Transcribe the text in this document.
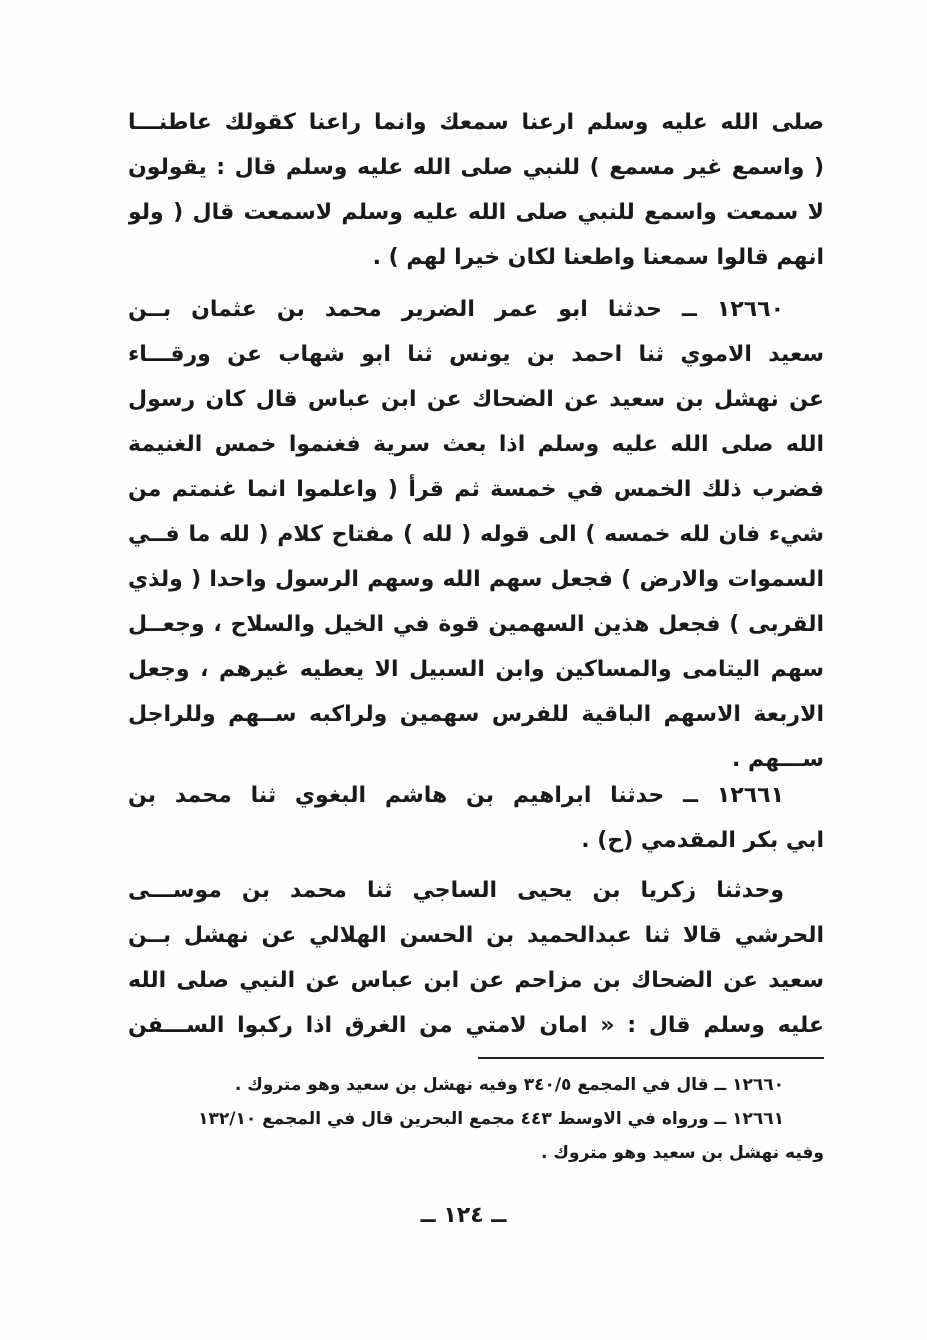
صلى الله عليه وسلم ارعنا سمعك وانما راعنا كقولك عاطنـــا
( واسمع غير مسمع ) للنبي صلى الله عليه وسلم قال : يقولون
لا سمعت واسمع للنبي صلى الله عليه وسلم لاسمعت قال ( ولو
انهم قالوا سمعنا واطعنا لكان خيرا لهم ) .
١٢٦٦٠ ــ حدثنا ابو عمر الضرير محمد بن عثمان بــن
سعيد الاموي ثنا احمد بن يونس ثنا ابو شهاب عن ورقـــاء
عن نهشل بن سعيد عن الضحاك عن ابن عباس قال كان رسول
الله صلى الله عليه وسلم اذا بعث سرية فغنموا خمس الغنيمة
فضرب ذلك الخمس في خمسة ثم قرأ ( واعلموا انما غنمتم من
شيء فان لله خمسه ) الى قوله ( لله ) مفتاح كلام ( لله ما فــي
السموات والارض ) فجعل سهم الله وسهم الرسول واحدا ( ولذي
القربى ) فجعل هذين السهمين قوة في الخيل والسلاح ، وجعــل
سهم اليتامى والمساكين وابن السبيل الا يعطيه غيرهم ، وجعل
الاربعة الاسهم الباقية للفرس سهمين ولراكبه ســهم وللراجل
ســـهم .
١٢٦٦١ ــ حدثنا ابراهيم بن هاشم البغوي ثنا محمد بن
ابي بكر المقدمي (ح) .
وحدثنا زكريا بن يحيى الساجي ثنا محمد بن موســـى
الحرشي قالا ثنا عبدالحميد بن الحسن الهلالي عن نهشل بــن
سعيد عن الضحاك بن مزاحم عن ابن عباس عن النبي صلى الله
عليه وسلم قال : « امان لامتي من الغرق اذا ركبوا الســـفن
١٢٦٦٠ ــ قال في المجمع ٣٤٠/٥ وفيه نهشل بن سعيد وهو متروك .
١٢٦٦١ ــ ورواه في الاوسط ٤٤٣ مجمع البحرين قال في المجمع ١٣٢/١٠
وفيه نهشل بن سعيد وهو متروك .
ــ ١٢٤ ــ
